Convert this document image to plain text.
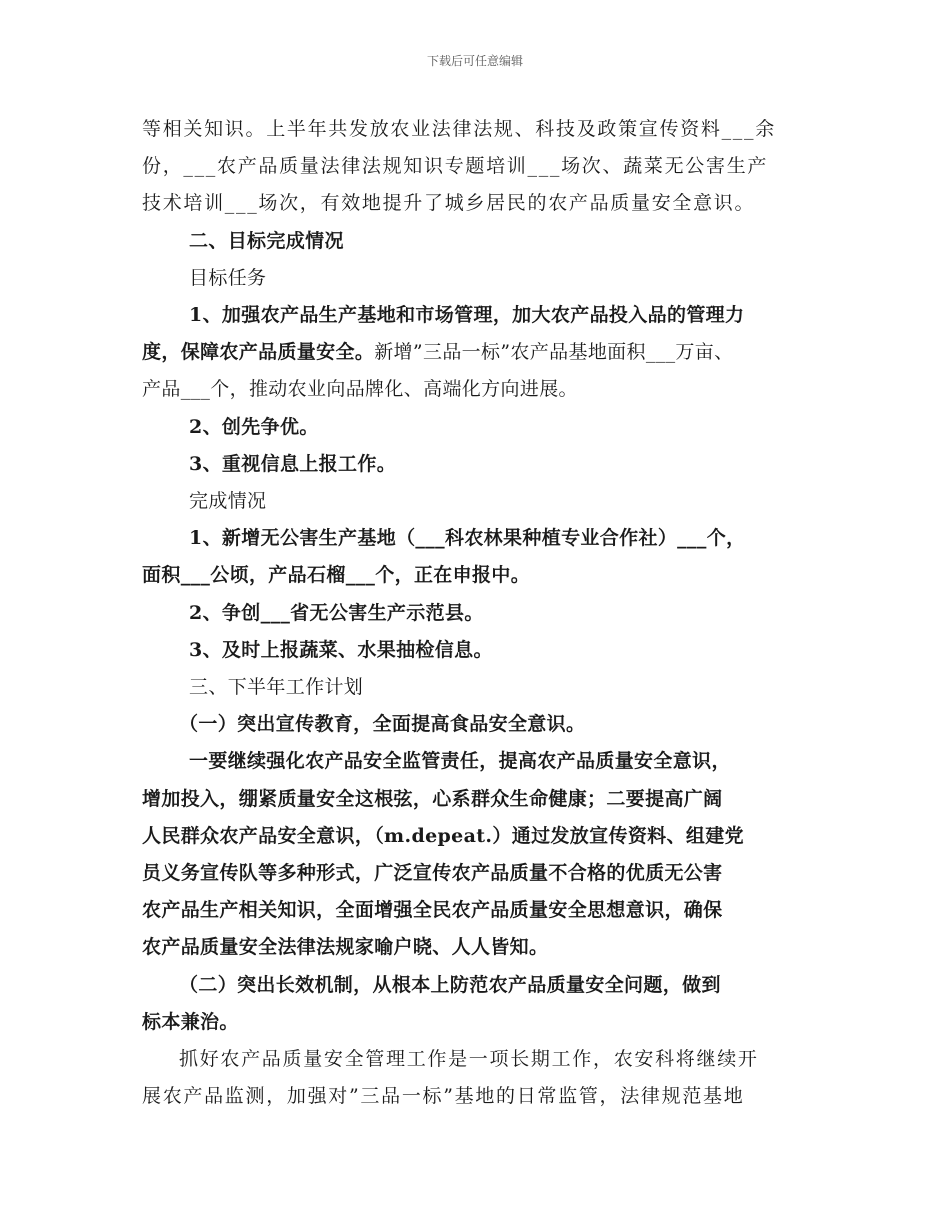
下载后可任意编辑
等相关知识。上半年共发放农业法律法规、科技及政策宣传资料___余
份，___农产品质量法律法规知识专题培训___场次、蔬菜无公害生产
技术培训___场次，有效地提升了城乡居民的农产品质量安全意识。
二、目标完成情况
目标任务
1、加强农产品生产基地和市场管理，加大农产品投入品的管理力
度，保障农产品质量安全。新增”三品一标”农产品基地面积___万亩、
产品___个，推动农业向品牌化、高端化方向进展。
2、创先争优。
3、重视信息上报工作。
完成情况
1、新增无公害生产基地（___科农林果种植专业合作社）___个，
面积___公顷，产品石榴___个，正在申报中。
2、争创___省无公害生产示范县。
3、及时上报蔬菜、水果抽检信息。
三、下半年工作计划
（一）突出宣传教育，全面提高食品安全意识。
一要继续强化农产品安全监管责任，提高农产品质量安全意识，
增加投入，绷紧质量安全这根弦，心系群众生命健康；二要提高广阔
人民群众农产品安全意识，（m.depeat.）通过发放宣传资料、组建党
员义务宣传队等多种形式，广泛宣传农产品质量不合格的优质无公害
农产品生产相关知识，全面增强全民农产品质量安全思想意识，确保
农产品质量安全法律法规家喻户晓、人人皆知。
（二）突出长效机制，从根本上防范农产品质量安全问题，做到
标本兼治。
抓好农产品质量安全管理工作是一项长期工作，农安科将继续开
展农产品监测，加强对”三品一标”基地的日常监管，法律规范基地
